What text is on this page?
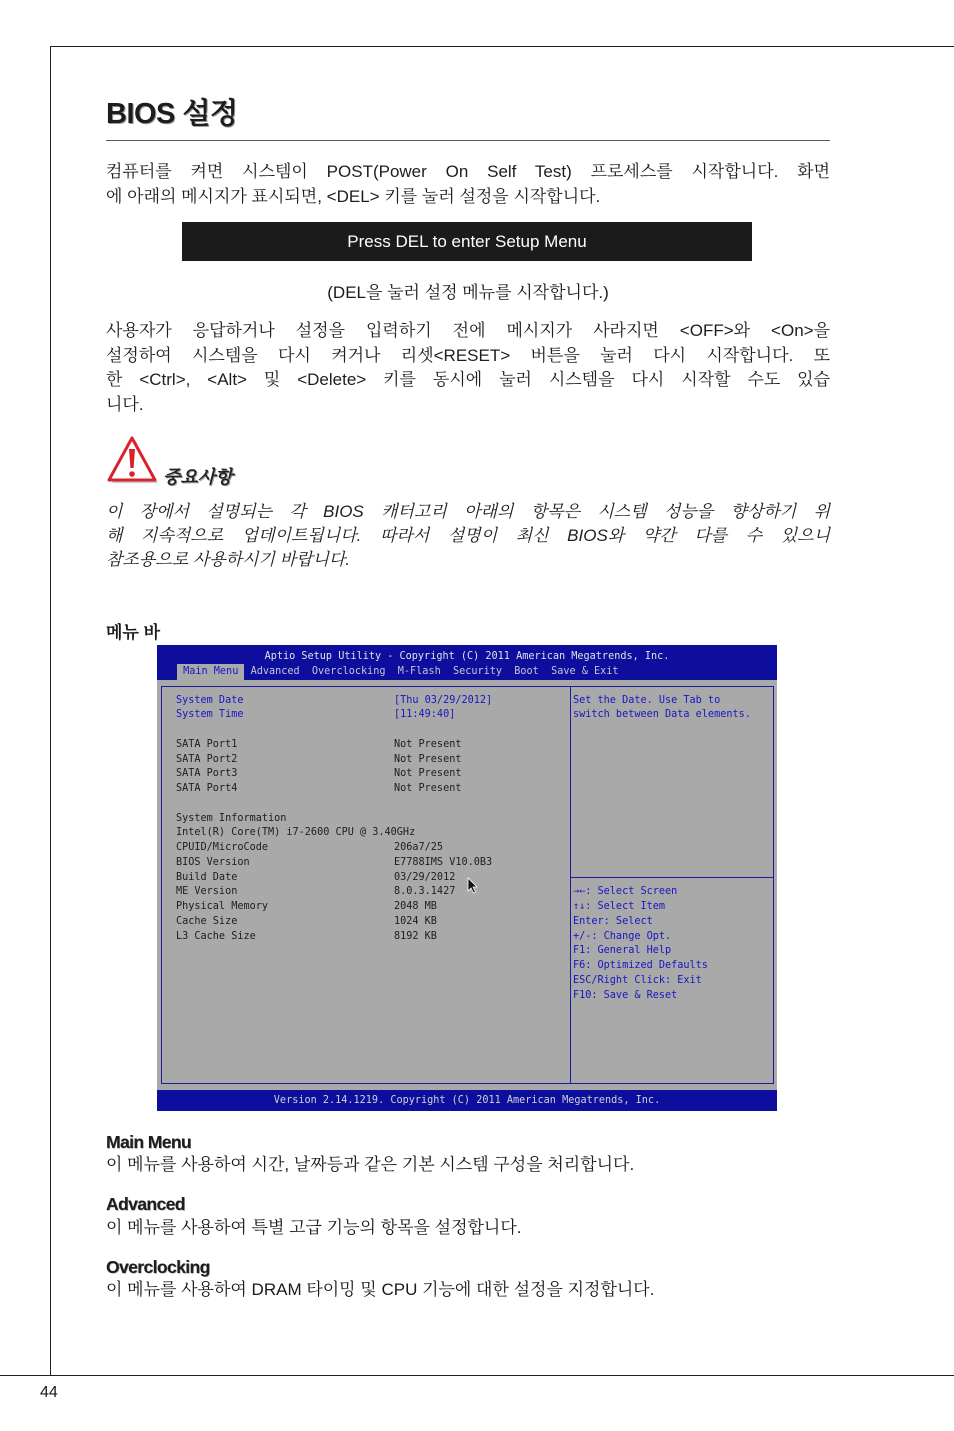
BIOS 설정
컴퓨터를 켜면 시스템이 POST(Power On Self Test) 프로세스를 시작합니다. 화면
에 아래의 메시지가 표시되면, <DEL> 키를 눌러 설정을 시작합니다.
Press DEL to enter Setup Menu
(DEL을 눌러 설정 메뉴를 시작합니다.)
사용자가 응답하거나 설정을 입력하기 전에 메시지가 사라지면 <OFF>와 <On>을
설정하여 시스템을 다시 켜거나 리셋<RESET> 버튼을 눌러 다시 시작합니다. 또
한 <Ctrl>, <Alt> 및 <Delete> 키를 동시에 눌러 시스템을 다시 시작할 수도 있습
니다.
중요사항
이 장에서 설명되는 각 BIOS 캐터고리 아래의 항목은 시스템 성능을 향상하기 위
해 지속적으로 업데이트됩니다. 따라서 설명이 최신 BIOS와 약간 다를 수 있으니
참조용으로 사용하시기 바랍니다.
메뉴 바
Aptio Setup Utility - Copyright (C) 2011 American Megatrends, Inc.
Main Menu	Advanced	Overclocking	M-Flash	Security	Boot	Save & Exit
System Date	[Thu 03/29/2012]
System Time	[11:49:40]
SATA Port1	Not Present
SATA Port2	Not Present
SATA Port3	Not Present
SATA Port4	Not Present
System Information
Intel(R) Core(TM) i7-2600 CPU @ 3.40GHz
CPUID/MicroCode	206a7/25
BIOS Version	E7788IMS V10.0B3
Build Date	03/29/2012
ME Version	8.0.3.1427
Physical Memory	2048 MB
Cache Size	1024 KB
L3 Cache Size	8192 KB
Set the Date. Use Tab to
switch between Data elements.
→←: Select Screen
↑↓: Select Item
Enter: Select
+/-: Change Opt.
F1: General Help
F6: Optimized Defaults
ESC/Right Click: Exit
F10: Save & Reset
Version 2.14.1219. Copyright (C) 2011 American Megatrends, Inc.
Main Menu
이 메뉴를 사용하여 시간, 날짜등과 같은 기본 시스템 구성을 처리합니다.
Advanced
이 메뉴를 사용하여 특별 고급 기능의 항목을 설정합니다.
Overclocking
이 메뉴를 사용하여 DRAM 타이밍 및 CPU 기능에 대한 설정을 지정합니다.
44
